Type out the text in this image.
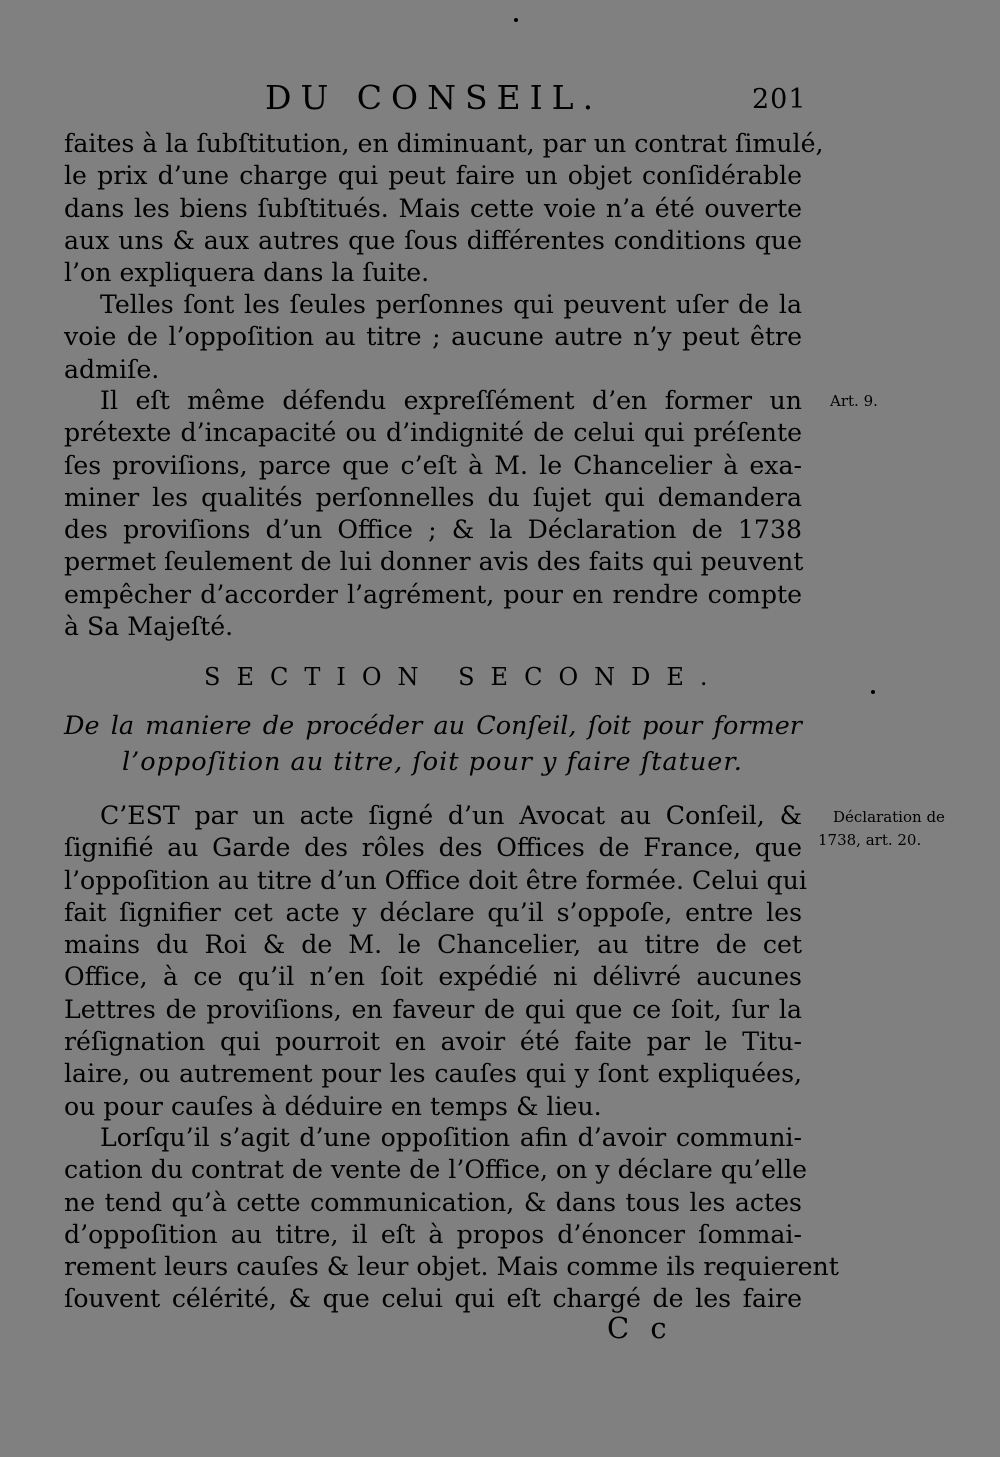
DU CONSEIL.	201
faites à la ſubſtitution, en diminuant, par un contrat ſimulé,
le prix d’une charge qui peut faire un objet conſidérable
dans les biens ſubſtitués. Mais cette voie n’a été ouverte
aux uns & aux autres que ſous différentes conditions que
l’on expliquera dans la ſuite.
Telles ſont les ſeules perſonnes qui peuvent uſer de la
voie de l’oppoſition au titre ; aucune autre n’y peut être
admiſe.
Il eſt même défendu expreſſément d’en former un
prétexte d’incapacité ou d’indignité de celui qui préſente
ſes proviſions, parce que c’eſt à M. le Chancelier à exa-
miner les qualités perſonnelles du ſujet qui demandera
des proviſions d’un Office ; & la Déclaration de 1738
permet ſeulement de lui donner avis des faits qui peuvent
empêcher d’accorder l’agrément, pour en rendre compte
à Sa Majeſté.
Art. 9.
SECTION SECONDE.
De la maniere de procéder au Conſeil, ſoit pour former
l’oppoſition au titre, ſoit pour y faire ſtatuer.
C’EST par un acte ſigné d’un Avocat au Conſeil, &
ſignifié au Garde des rôles des Offices de France, que
l’oppoſition au titre d’un Office doit être formée. Celui qui
fait ſignifier cet acte y déclare qu’il s’oppoſe, entre les
mains du Roi & de M. le Chancelier, au titre de cet
Office, à ce qu’il n’en ſoit expédié ni délivré aucunes
Lettres de proviſions, en faveur de qui que ce ſoit, ſur la
réſignation qui pourroit en avoir été faite par le Titu-
laire, ou autrement pour les cauſes qui y ſont expliquées,
ou pour cauſes à déduire en temps & lieu.
Déclaration de
1738, art. 20.
Lorſqu’il s’agit d’une oppoſition afin d’avoir communi-
cation du contrat de vente de l’Office, on y déclare qu’elle
ne tend qu’à cette communication, & dans tous les actes
d’oppoſition au titre, il eſt à propos d’énoncer ſommai-
rement leurs cauſes & leur objet. Mais comme ils requierent
ſouvent célérité, & que celui qui eſt chargé de les faire
C c
